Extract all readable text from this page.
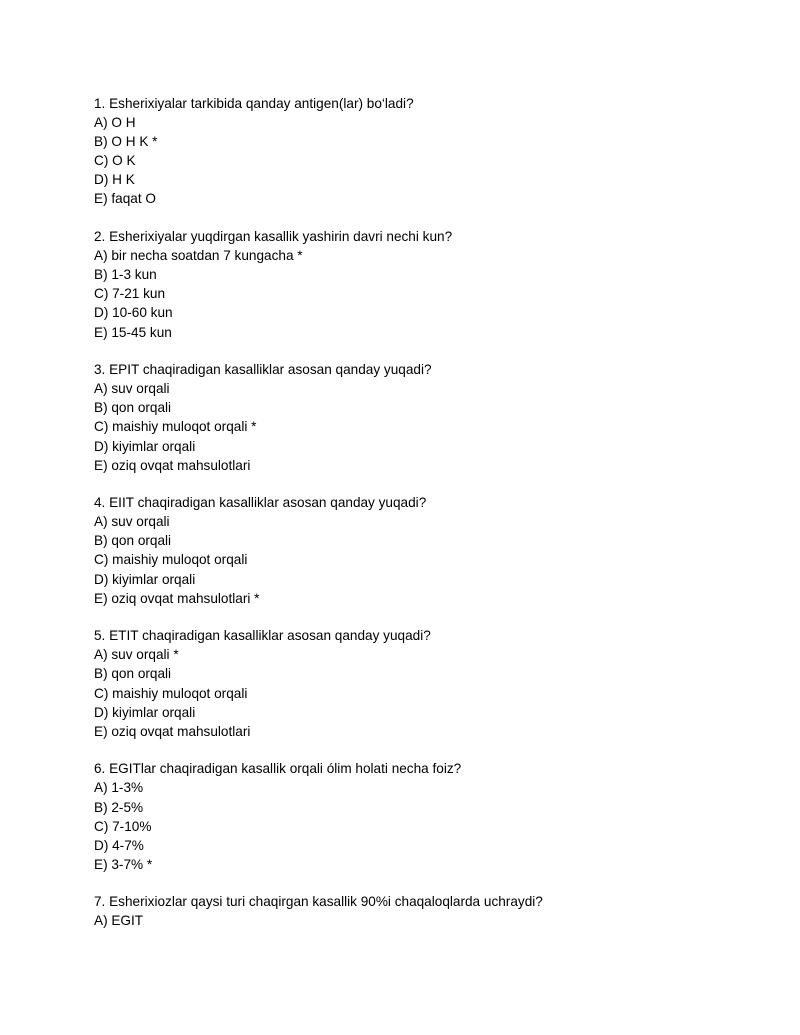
1. Esherixiyalar tarkibida qanday antigen(lar) bo‘ladi?
A) O H
B) O H K *
C) O K
D) H K
E) faqat O
2. Esherixiyalar yuqdirgan kasallik yashirin davri nechi kun?
A) bir necha soatdan 7 kungacha *
B) 1-3 kun
C) 7-21 kun
D) 10-60 kun
E) 15-45 kun
3. EPIT chaqiradigan kasalliklar asosan qanday yuqadi?
A) suv orqali
B) qon orqali
C) maishiy muloqot orqali *
D) kiyimlar orqali
E) oziq ovqat mahsulotlari
4. EIIT chaqiradigan kasalliklar asosan qanday yuqadi?
A) suv orqali
B) qon orqali
C) maishiy muloqot orqali
D) kiyimlar orqali
E) oziq ovqat mahsulotlari *
5. ETIT chaqiradigan kasalliklar asosan qanday yuqadi?
A) suv orqali *
B) qon orqali
C) maishiy muloqot orqali
D) kiyimlar orqali
E) oziq ovqat mahsulotlari
6. EGITlar chaqiradigan kasallik orqali ólim holati necha foiz?
A) 1-3%
B) 2-5%
C) 7-10%
D) 4-7%
E) 3-7% *
7. Esherixiozlar qaysi turi chaqirgan kasallik 90%i chaqaloqlarda uchraydi?
A) EGIT
